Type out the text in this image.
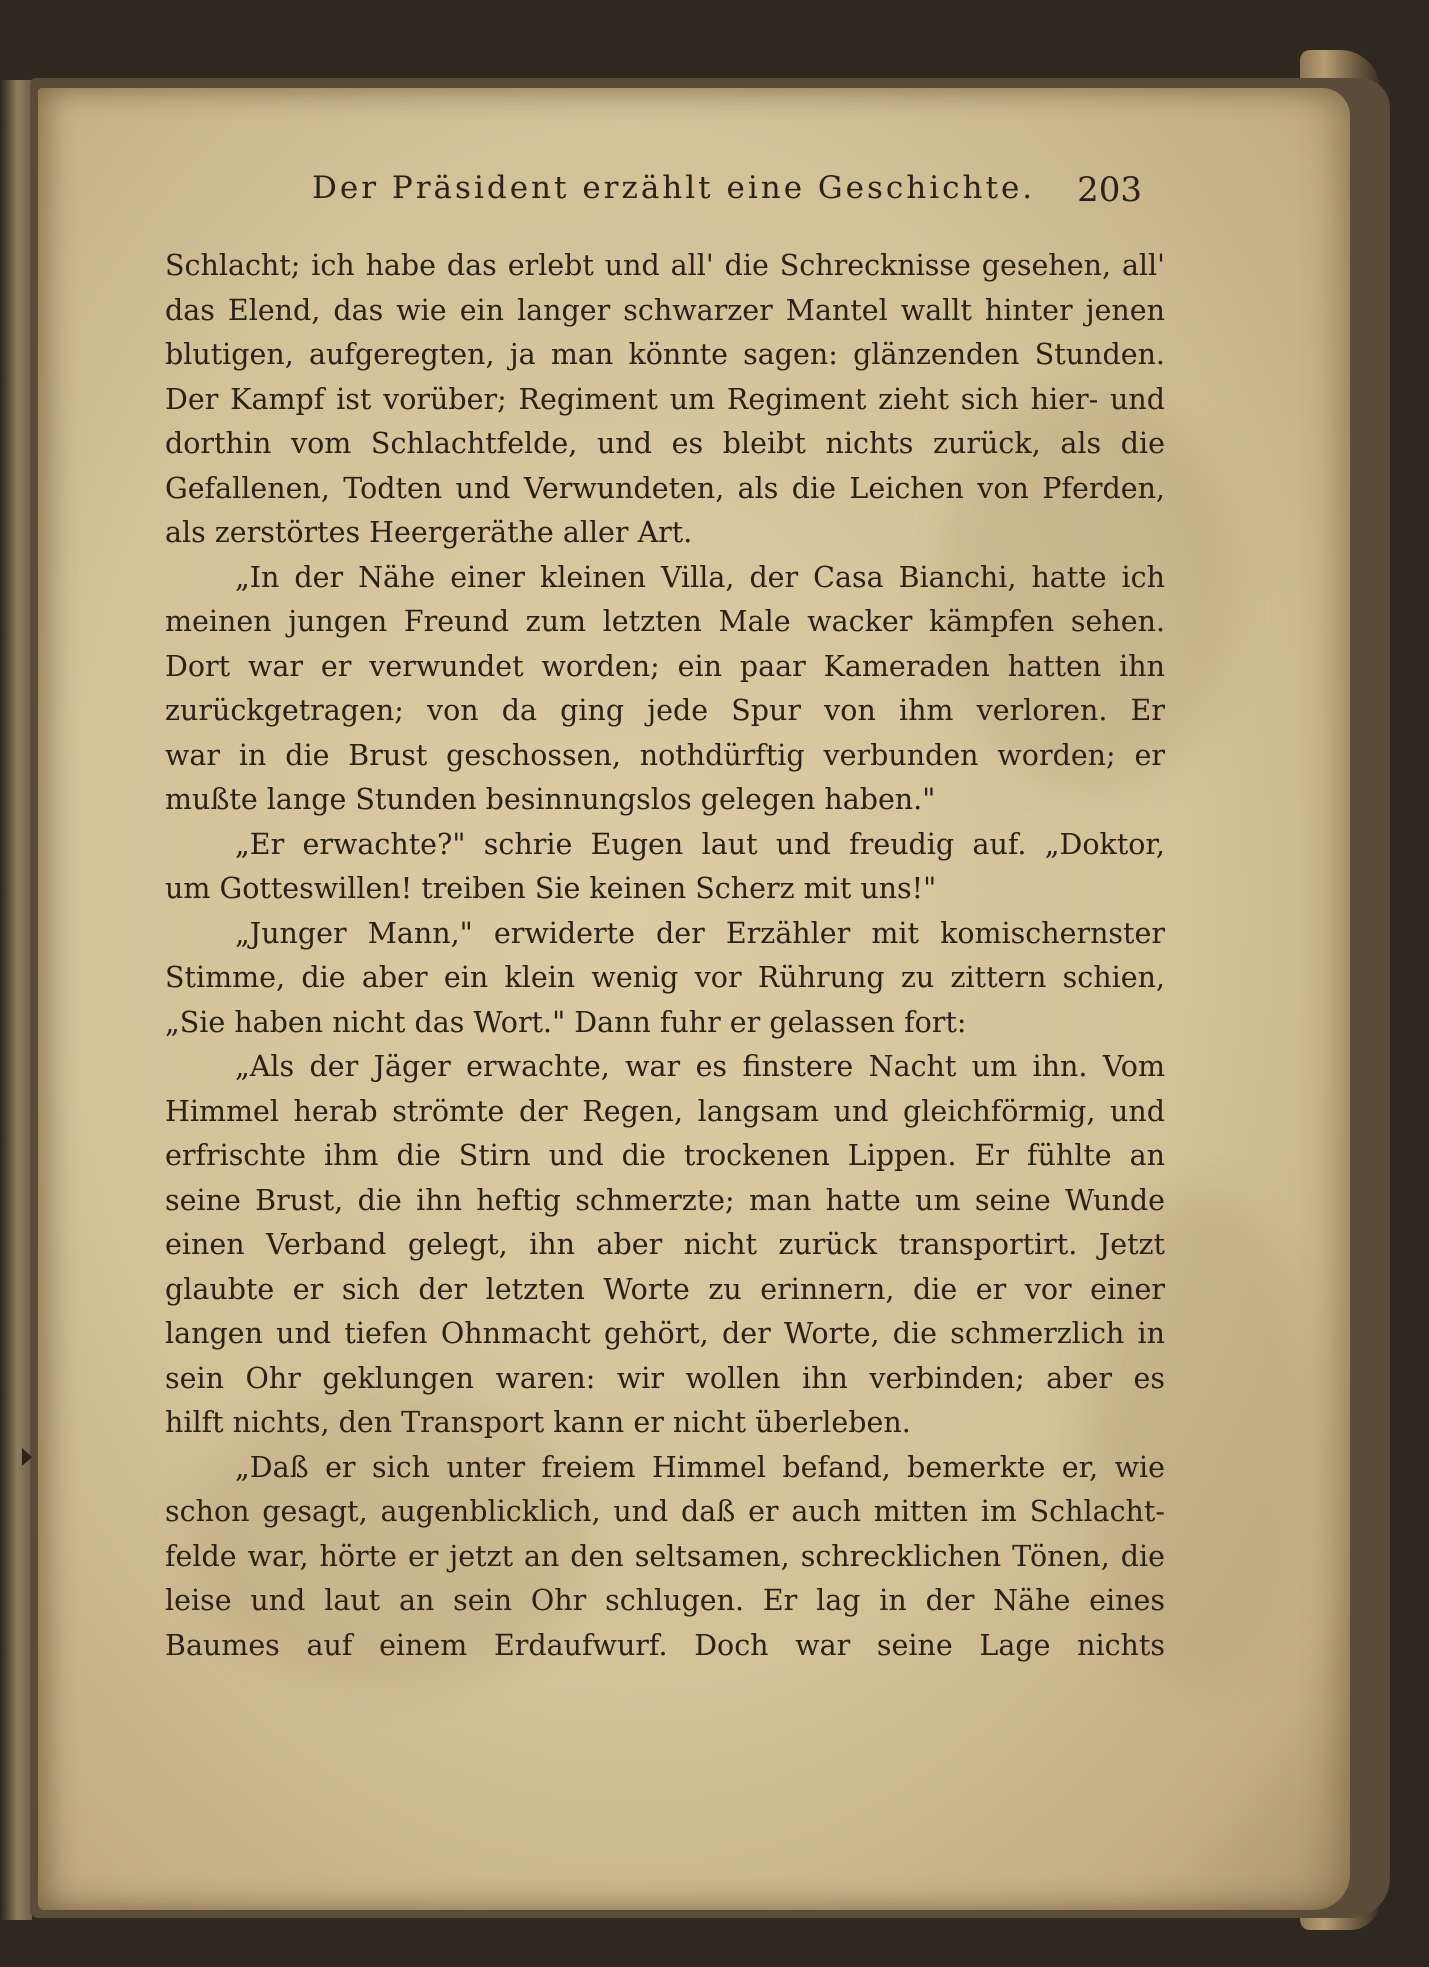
Der Präsident erzählt eine Geschichte. 203
Schlacht; ich habe das erlebt und all' die Schrecknisse gesehen, all'
das Elend, das wie ein langer schwarzer Mantel wallt hinter jenen
blutigen, aufgeregten, ja man könnte sagen: glänzenden Stunden.
Der Kampf ist vorüber; Regiment um Regiment zieht sich hier- und
dorthin vom Schlachtfelde, und es bleibt nichts zurück, als die
Gefallenen, Todten und Verwundeten, als die Leichen von Pferden,
als zerstörtes Heergeräthe aller Art.
„In der Nähe einer kleinen Villa, der Casa Bianchi, hatte ich
meinen jungen Freund zum letzten Male wacker kämpfen sehen.
Dort war er verwundet worden; ein paar Kameraden hatten ihn
zurückgetragen; von da ging jede Spur von ihm verloren. Er
war in die Brust geschossen, nothdürftig verbunden worden; er
mußte lange Stunden besinnungslos gelegen haben."
„Er erwachte?" schrie Eugen laut und freudig auf. „Doktor,
um Gotteswillen! treiben Sie keinen Scherz mit uns!"
„Junger Mann," erwiderte der Erzähler mit komischernster
Stimme, die aber ein klein wenig vor Rührung zu zittern schien,
„Sie haben nicht das Wort." Dann fuhr er gelassen fort:
„Als der Jäger erwachte, war es finstere Nacht um ihn. Vom
Himmel herab strömte der Regen, langsam und gleichförmig, und
erfrischte ihm die Stirn und die trockenen Lippen. Er fühlte an
seine Brust, die ihn heftig schmerzte; man hatte um seine Wunde
einen Verband gelegt, ihn aber nicht zurück transportirt. Jetzt
glaubte er sich der letzten Worte zu erinnern, die er vor einer
langen und tiefen Ohnmacht gehört, der Worte, die schmerzlich in
sein Ohr geklungen waren: wir wollen ihn verbinden; aber es
hilft nichts, den Transport kann er nicht überleben.
„Daß er sich unter freiem Himmel befand, bemerkte er, wie
schon gesagt, augenblicklich, und daß er auch mitten im Schlacht-
felde war, hörte er jetzt an den seltsamen, schrecklichen Tönen, die
leise und laut an sein Ohr schlugen. Er lag in der Nähe eines
Baumes auf einem Erdaufwurf. Doch war seine Lage nichts
